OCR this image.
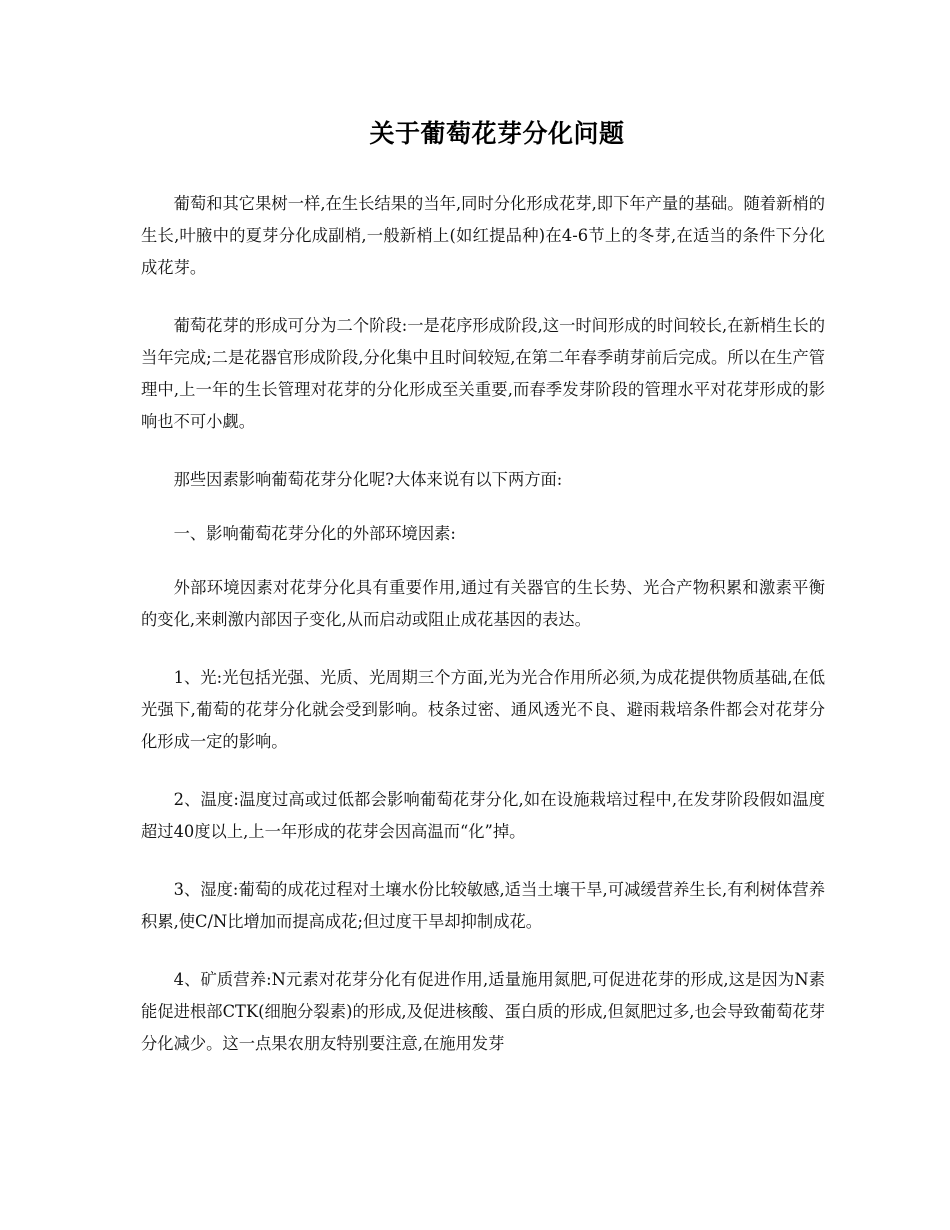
关于葡萄花芽分化问题

葡萄和其它果树一样,在生长结果的当年,同时分化形成花芽,即下年产量的基础。随着新梢的生长,叶腋中的夏芽分化成副梢,一般新梢上(如红提品种)在4-6节上的冬芽,在适当的条件下分化成花芽。

葡萄花芽的形成可分为二个阶段:一是花序形成阶段,这一时间形成的时间较长,在新梢生长的当年完成;二是花器官形成阶段,分化集中且时间较短,在第二年春季萌芽前后完成。所以在生产管理中,上一年的生长管理对花芽的分化形成至关重要,而春季发芽阶段的管理水平对花芽形成的影响也不可小觑。

那些因素影响葡萄花芽分化呢?大体来说有以下两方面:

一、影响葡萄花芽分化的外部环境因素:

外部环境因素对花芽分化具有重要作用,通过有关器官的生长势、光合产物积累和激素平衡的变化,来刺激内部因子变化,从而启动或阻止成花基因的表达。

1、光:光包括光强、光质、光周期三个方面,光为光合作用所必须,为成花提供物质基础,在低光强下,葡萄的花芽分化就会受到影响。枝条过密、通风透光不良、避雨栽培条件都会对花芽分化形成一定的影响。

2、温度:温度过高或过低都会影响葡萄花芽分化,如在设施栽培过程中,在发芽阶段假如温度超过40度以上,上一年形成的花芽会因高温而“化”掉。

3、湿度:葡萄的成花过程对土壤水份比较敏感,适当土壤干旱,可减缓营养生长,有利树体营养积累,使C/N比增加而提高成花;但过度干旱却抑制成花。

4、矿质营养:N元素对花芽分化有促进作用,适量施用氮肥,可促进花芽的形成,这是因为N素能促进根部CTK(细胞分裂素)的形成,及促进核酸、蛋白质的形成,但氮肥过多,也会导致葡萄花芽分化减少。这一点果农朋友特别要注意,在施用发芽
